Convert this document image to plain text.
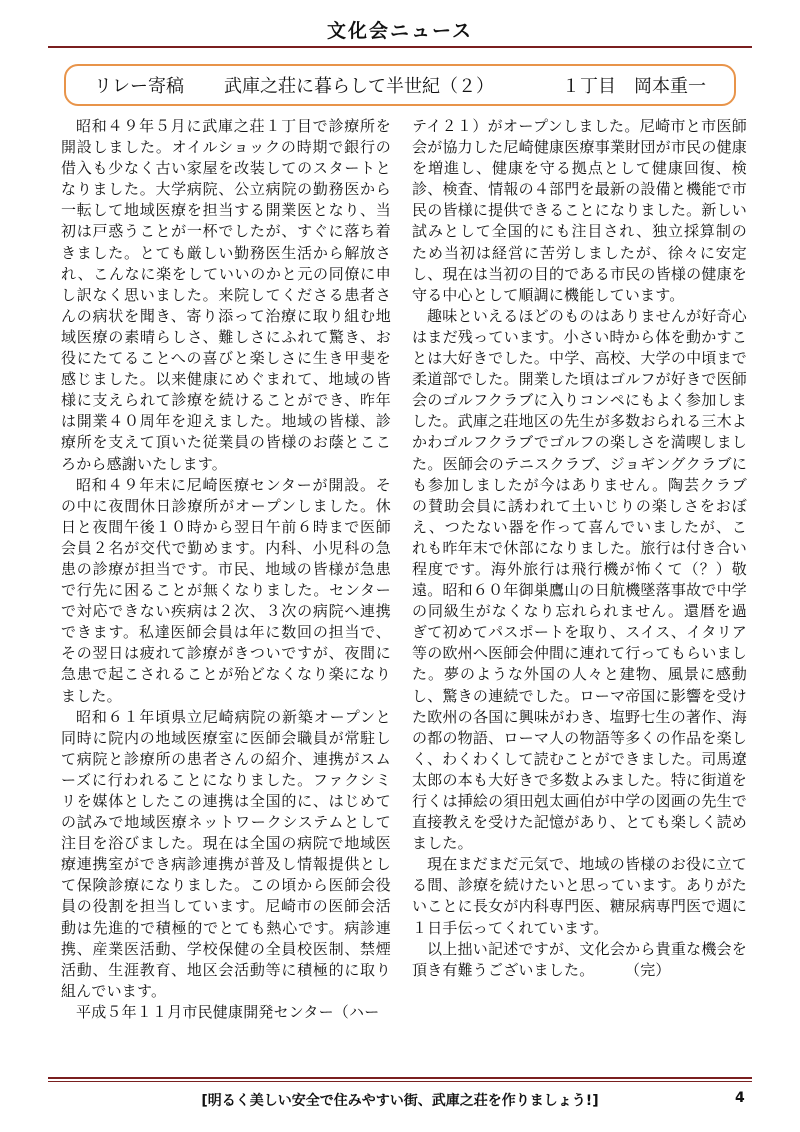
文化会ニュース
リレー寄稿 武庫之荘に暮らして半世紀（２）	１丁目　岡本重一

昭和４９年５月に武庫之荘１丁目で診療所を開設しました。オイルショックの時期で銀行の借入も少なく古い家屋を改装してのスタートとなりました。大学病院、公立病院の勤務医から一転して地域医療を担当する開業医となり、当初は戸惑うことが一杯でしたが、すぐに落ち着きました。とても厳しい勤務医生活から解放され、こんなに楽をしていいのかと元の同僚に申し訳なく思いました。来院してくださる患者さんの病状を聞き、寄り添って治療に取り組む地域医療の素晴らしさ、難しさにふれて驚き、お役にたてることへの喜びと楽しさに生き甲斐を感じました。以来健康にめぐまれて、地域の皆様に支えられて診療を続けることができ、昨年は開業４０周年を迎えました。地域の皆様、診療所を支えて頂いた従業員の皆様のお蔭とこころから感謝いたします。

昭和４９年末に尼崎医療センターが開設。その中に夜間休日診療所がオープンしました。休日と夜間午後１０時から翌日午前６時まで医師会員２名が交代で勤めます。内科、小児科の急患の診療が担当です。市民、地域の皆様が急患で行先に困ることが無くなりました。センターで対応できない疾病は２次、３次の病院へ連携できます。私達医師会員は年に数回の担当で、その翌日は疲れて診療がきついですが、夜間に急患で起こされることが殆どなくなり楽になりました。

昭和６１年頃県立尼崎病院の新築オープンと同時に院内の地域医療室に医師会職員が常駐して病院と診療所の患者さんの紹介、連携がスムーズに行われることになりました。ファクシミリを媒体としたこの連携は全国的に、はじめての試みで地域医療ネットワークシステムとして注目を浴びました。現在は全国の病院で地域医療連携室ができ病診連携が普及し情報提供として保険診療になりました。この頃から医師会役員の役割を担当しています。尼崎市の医師会活動は先進的で積極的でとても熱心です。病診連携、産業医活動、学校保健の全員校医制、禁煙活動、生涯教育、地区会活動等に積極的に取り組んでいます。

平成５年１１月市民健康開発センター（ハー

テイ２１）がオープンしました。尼崎市と市医師会が協力した尼崎健康医療事業財団が市民の健康を増進し、健康を守る拠点として健康回復、検診、検査、情報の４部門を最新の設備と機能で市民の皆様に提供できることになりました。新しい試みとして全国的にも注目され、独立採算制のため当初は経営に苦労しましたが、徐々に安定し、現在は当初の目的である市民の皆様の健康を守る中心として順調に機能しています。

趣味といえるほどのものはありませんが好奇心はまだ残っています。小さい時から体を動かすことは大好きでした。中学、高校、大学の中頃まで柔道部でした。開業した頃はゴルフが好きで医師会のゴルフクラブに入りコンペにもよく参加しました。武庫之荘地区の先生が多数おられる三木よかわゴルフクラブでゴルフの楽しさを満喫しました。医師会のテニスクラブ、ジョギングクラブにも参加しましたが今はありません。陶芸クラブの賛助会員に誘われて土いじりの楽しさをおぼえ、つたない器を作って喜んでいましたが、これも昨年末で休部になりました。旅行は付き合い程度です。海外旅行は飛行機が怖くて（？）敬遠。昭和６０年御巣鷹山の日航機墜落事故で中学の同級生がなくなり忘れられません。還暦を過ぎて初めてパスポートを取り、スイス、イタリア等の欧州へ医師会仲間に連れて行ってもらいました。夢のような外国の人々と建物、風景に感動し、驚きの連続でした。ローマ帝国に影響を受けた欧州の各国に興味がわき、塩野七生の著作、海の都の物語、ローマ人の物語等多くの作品を楽しく、わくわくして読むことができました。司馬遼太郎の本も大好きで多数よみました。特に街道を行くは挿絵の須田剋太画伯が中学の図画の先生で直接教えを受けた記憶があり、とても楽しく読めました。

現在まだまだ元気で、地域の皆様のお役に立てる間、診療を続けたいと思っています。ありがたいことに長女が内科専門医、糖尿病専門医で週に１日手伝ってくれています。

以上拙い記述ですが、文化会から貴重な機会を頂き有難うございました。　　　（完）

[明るく美しい安全で住みやすい街、武庫之荘を作りましょう!]	4
